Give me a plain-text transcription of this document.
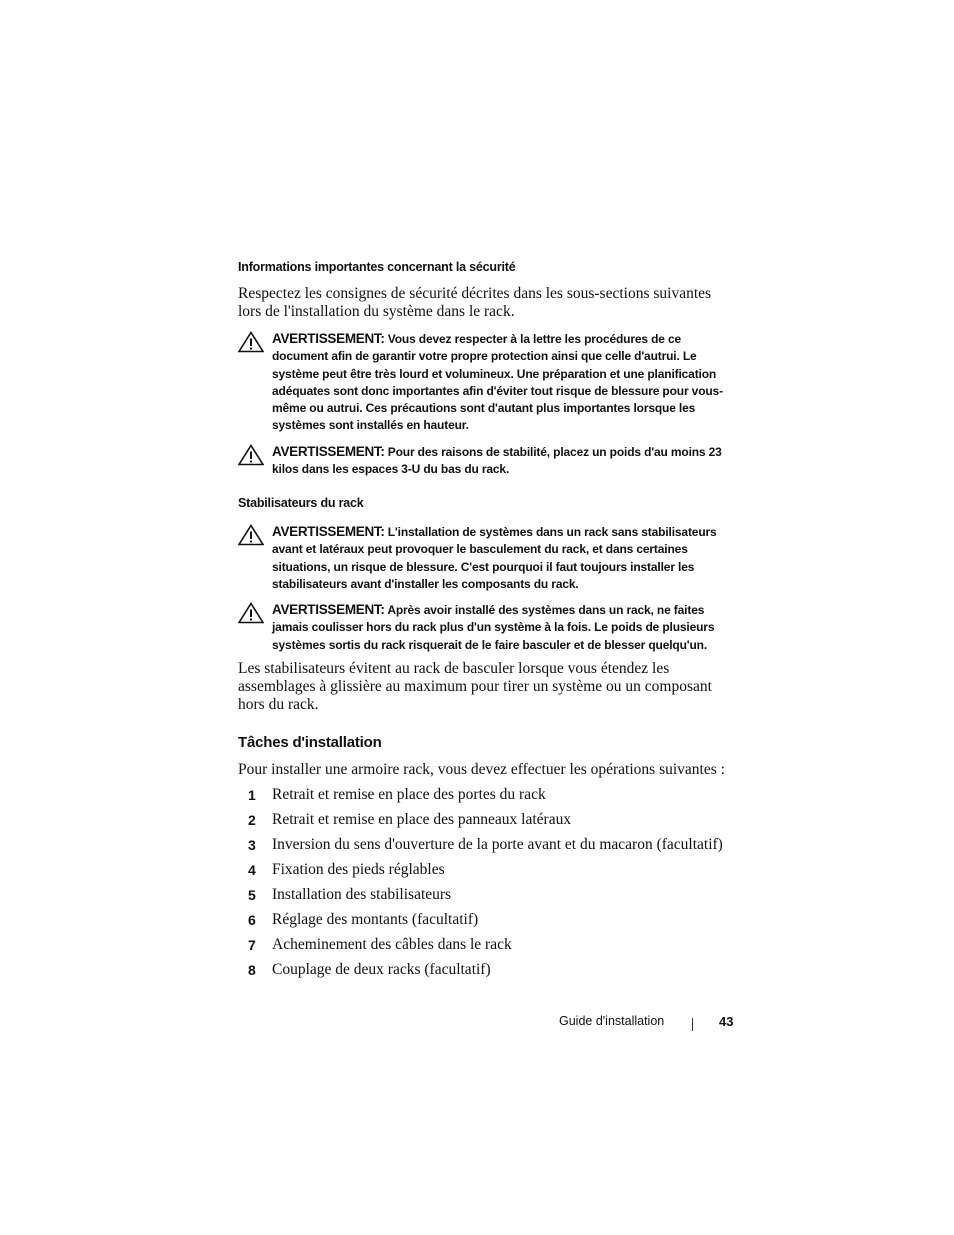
Informations importantes concernant la sécurité
Respectez les consignes de sécurité décrites dans les sous-sections suivantes lors de l'installation du système dans le rack.
AVERTISSEMENT: Vous devez respecter à la lettre les procédures de ce document afin de garantir votre propre protection ainsi que celle d'autrui. Le système peut être très lourd et volumineux. Une préparation et une planification adéquates sont donc importantes afin d'éviter tout risque de blessure pour vous-même ou autrui. Ces précautions sont d'autant plus importantes lorsque les systèmes sont installés en hauteur.
AVERTISSEMENT: Pour des raisons de stabilité, placez un poids d'au moins 23 kilos dans les espaces 3-U du bas du rack.
Stabilisateurs du rack
AVERTISSEMENT: L'installation de systèmes dans un rack sans stabilisateurs avant et latéraux peut provoquer le basculement du rack, et dans certaines situations, un risque de blessure. C'est pourquoi il faut toujours installer les stabilisateurs avant d'installer les composants du rack.
AVERTISSEMENT: Après avoir installé des systèmes dans un rack, ne faites jamais coulisser hors du rack plus d'un système à la fois. Le poids de plusieurs systèmes sortis du rack risquerait de le faire basculer et de blesser quelqu'un.
Les stabilisateurs évitent au rack de basculer lorsque vous étendez les assemblages à glissière au maximum pour tirer un système ou un composant hors du rack.
Tâches d'installation
Pour installer une armoire rack, vous devez effectuer les opérations suivantes :
1 Retrait et remise en place des portes du rack
2 Retrait et remise en place des panneaux latéraux
3 Inversion du sens d'ouverture de la porte avant et du macaron (facultatif)
4 Fixation des pieds réglables
5 Installation des stabilisateurs
6 Réglage des montants (facultatif)
7 Acheminement des câbles dans le rack
8 Couplage de deux racks (facultatif)
Guide d'installation	43
